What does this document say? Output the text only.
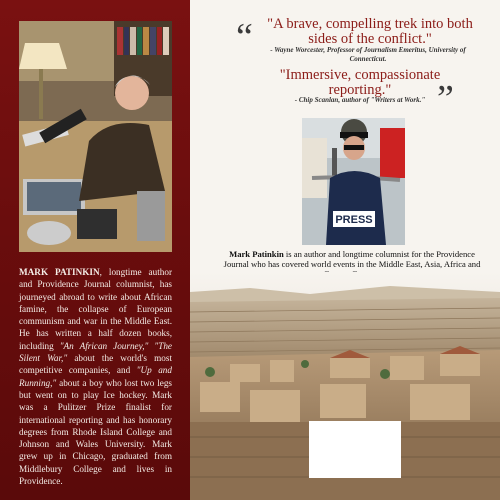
MARK PATINKIN, longtime author and Providence Journal columnist, has journeyed abroad to write about African famine, the collapse of European communism and war in the Middle East. He has written a half dozen books, including "An African Journey," "The Silent War," about the world's most competitive companies, and "Up and Running," about a boy who lost two legs but went on to play Ice hockey. Mark was a Pulitzer Prize finalist for international reporting and has honorary degrees from Rhode Island College and Johnson and Wales University. Mark grew up in Chicago, graduated from Middlebury College and lives in Providence.
“ "A brave, compelling trek into both sides of the conflict."
- Wayne Worcester, Professor of Journalism Emeritus, University of Connecticut.
"Immersive, compassionate reporting."
- Chip Scanlan, author of "Writers at Work." ”
PRESS
Mark Patinkin is an author and longtime columnist for the Providence Journal who has covered world events in the Middle East, Asia, Africa and
